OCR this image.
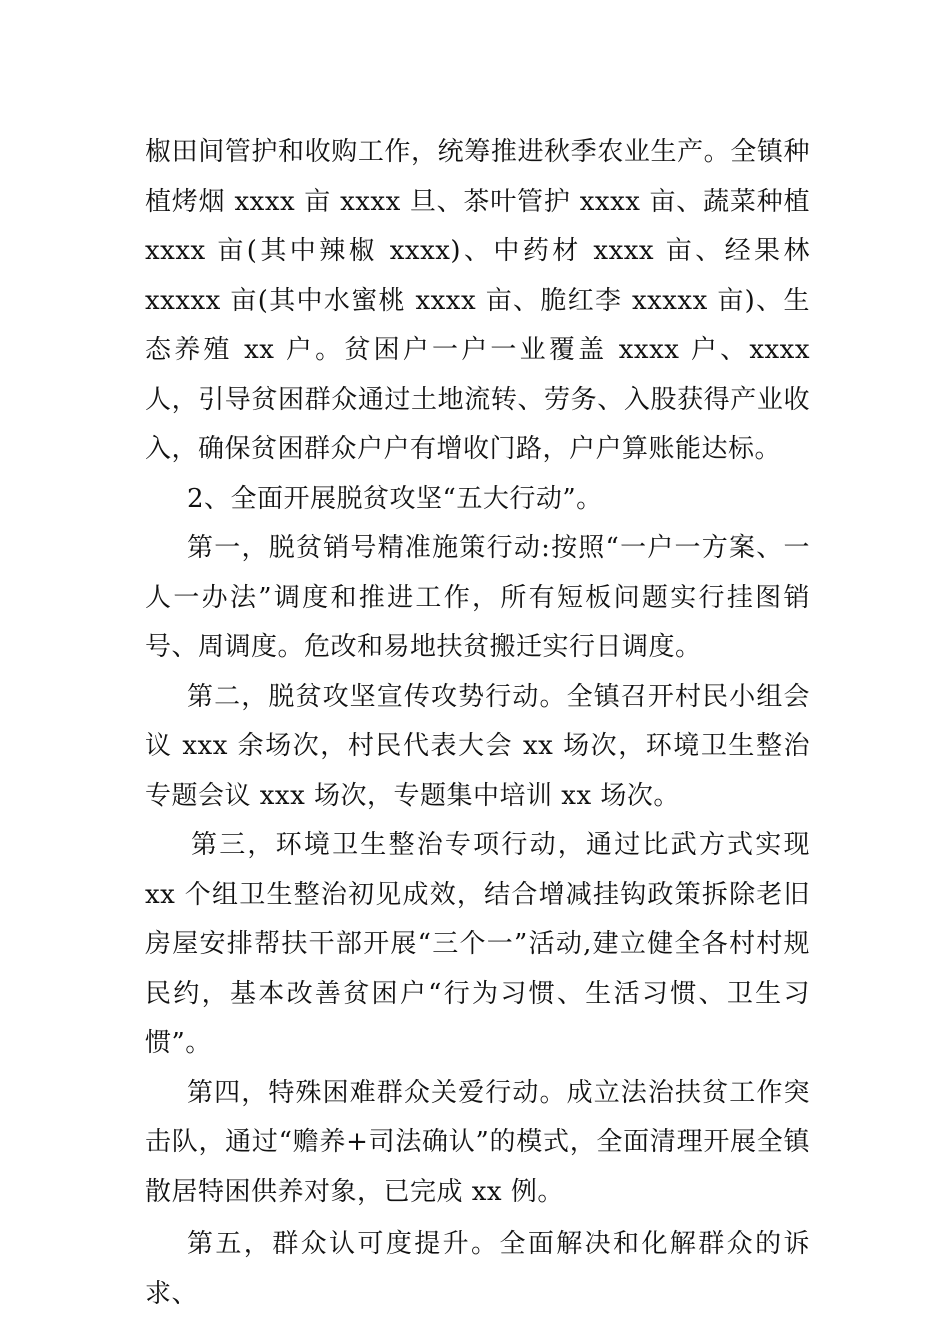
椒田间管护和收购工作，统筹推进秋季农业生产。全镇种植烤烟 xxxx 亩 xxxx 旦、茶叶管护 xxxx 亩、蔬菜种植 xxxx 亩(其中辣椒 xxxx)、中药材 xxxx 亩、经果林 xxxxx 亩(其中水蜜桃 xxxx 亩、脆红李 xxxxx 亩)、生态养殖 xx 户。贫困户一户一业覆盖 xxxx 户、xxxx 人，引导贫困群众通过土地流转、劳务、入股获得产业收入，确保贫困群众户户有增收门路，户户算账能达标。

2、全面开展脱贫攻坚“五大行动”。

第一，脱贫销号精准施策行动:按照“一户一方案、一人一办法”调度和推进工作，所有短板问题实行挂图销号、周调度。危改和易地扶贫搬迁实行日调度。

第二，脱贫攻坚宣传攻势行动。全镇召开村民小组会议 xxx 余场次，村民代表大会 xx 场次，环境卫生整治专题会议 xxx 场次，专题集中培训 xx 场次。

第三，环境卫生整治专项行动，通过比武方式实现 xx 个组卫生整治初见成效，结合增减挂钩政策拆除老旧房屋安排帮扶干部开展“三个一”活动,建立健全各村村规民约，基本改善贫困户“行为习惯、生活习惯、卫生习惯”。

第四，特殊困难群众关爱行动。成立法治扶贫工作突击队，通过“赡养+司法确认”的模式，全面清理开展全镇散居特困供养对象，已完成 xx 例。

第五，群众认可度提升。全面解决和化解群众的诉求、
